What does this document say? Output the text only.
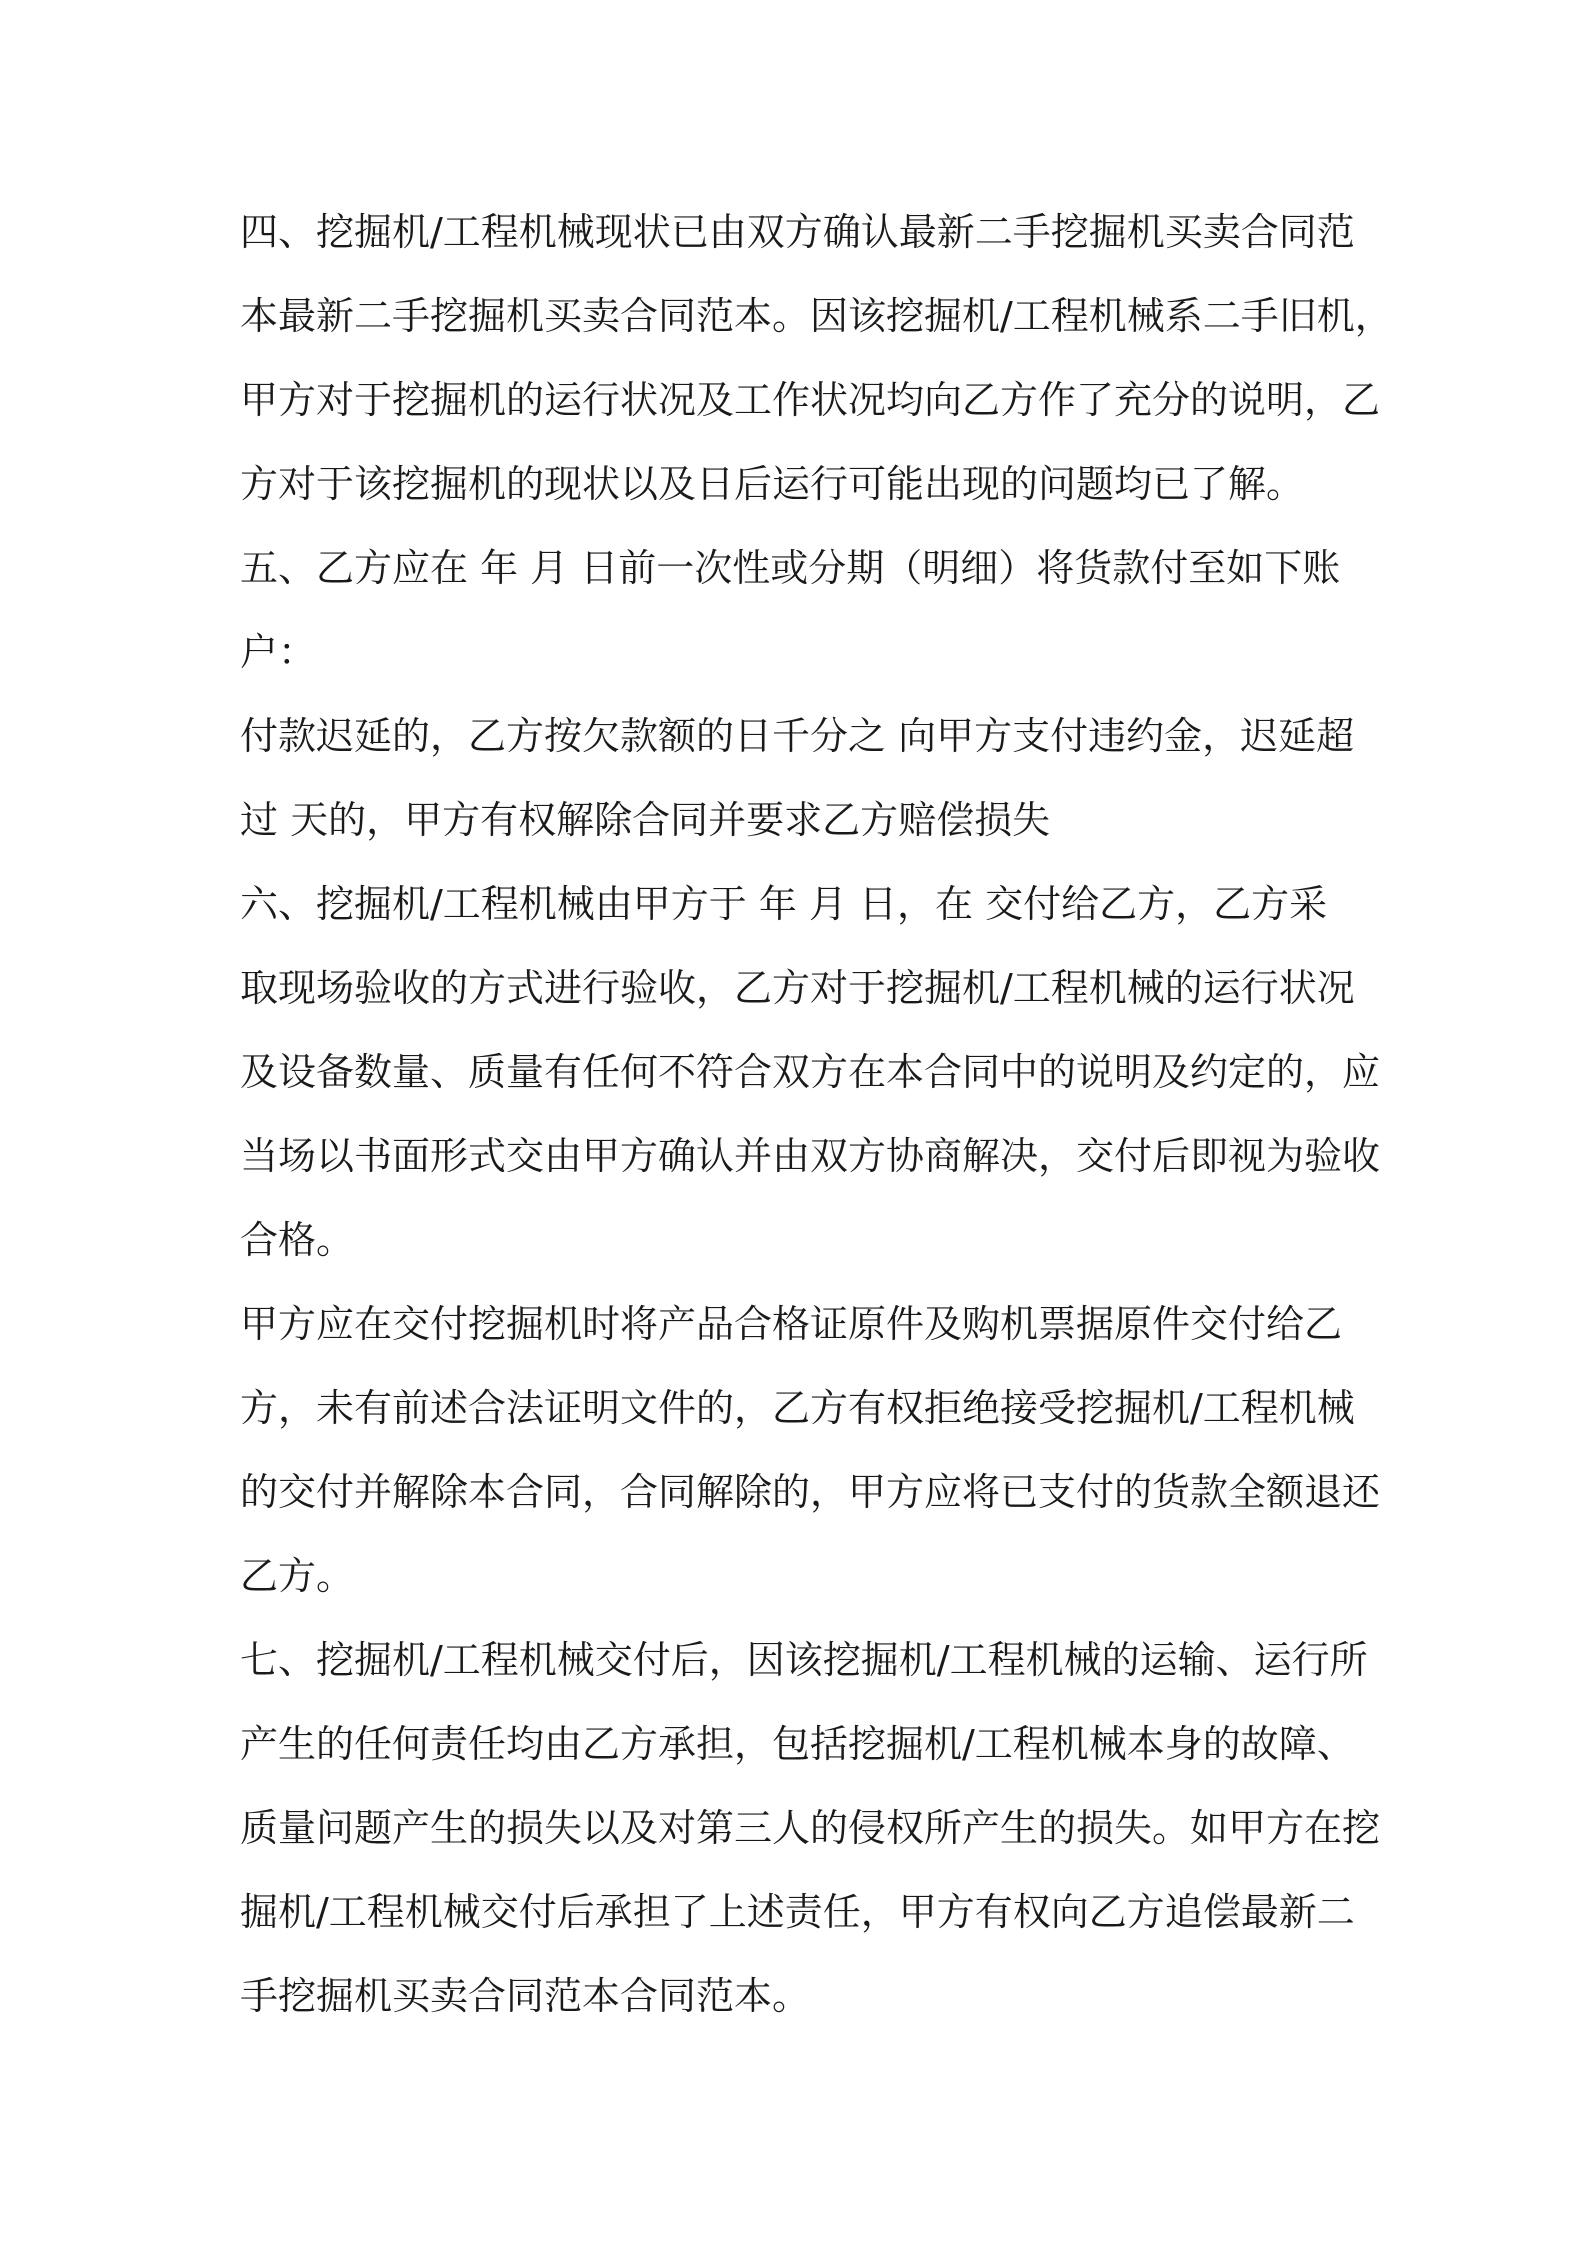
四、挖掘机/工程机械现状已由双方确认最新二手挖掘机买卖合同范
本最新二手挖掘机买卖合同范本。因该挖掘机/工程机械系二手旧机，
甲方对于挖掘机的运行状况及工作状况均向乙方作了充分的说明，乙
方对于该挖掘机的现状以及日后运行可能出现的问题均已了解。
五、乙方应在 年 月 日前一次性或分期（明细）将货款付至如下账
户：
付款迟延的，乙方按欠款额的日千分之 向甲方支付违约金，迟延超
过 天的，甲方有权解除合同并要求乙方赔偿损失
六、挖掘机/工程机械由甲方于 年 月 日，在 交付给乙方，乙方采
取现场验收的方式进行验收，乙方对于挖掘机/工程机械的运行状况
及设备数量、质量有任何不符合双方在本合同中的说明及约定的，应
当场以书面形式交由甲方确认并由双方协商解决，交付后即视为验收
合格。
甲方应在交付挖掘机时将产品合格证原件及购机票据原件交付给乙
方，未有前述合法证明文件的，乙方有权拒绝接受挖掘机/工程机械
的交付并解除本合同，合同解除的，甲方应将已支付的货款全额退还
乙方。
七、挖掘机/工程机械交付后，因该挖掘机/工程机械的运输、运行所
产生的任何责任均由乙方承担，包括挖掘机/工程机械本身的故障、
质量问题产生的损失以及对第三人的侵权所产生的损失。如甲方在挖
掘机/工程机械交付后承担了上述责任，甲方有权向乙方追偿最新二
手挖掘机买卖合同范本合同范本。
